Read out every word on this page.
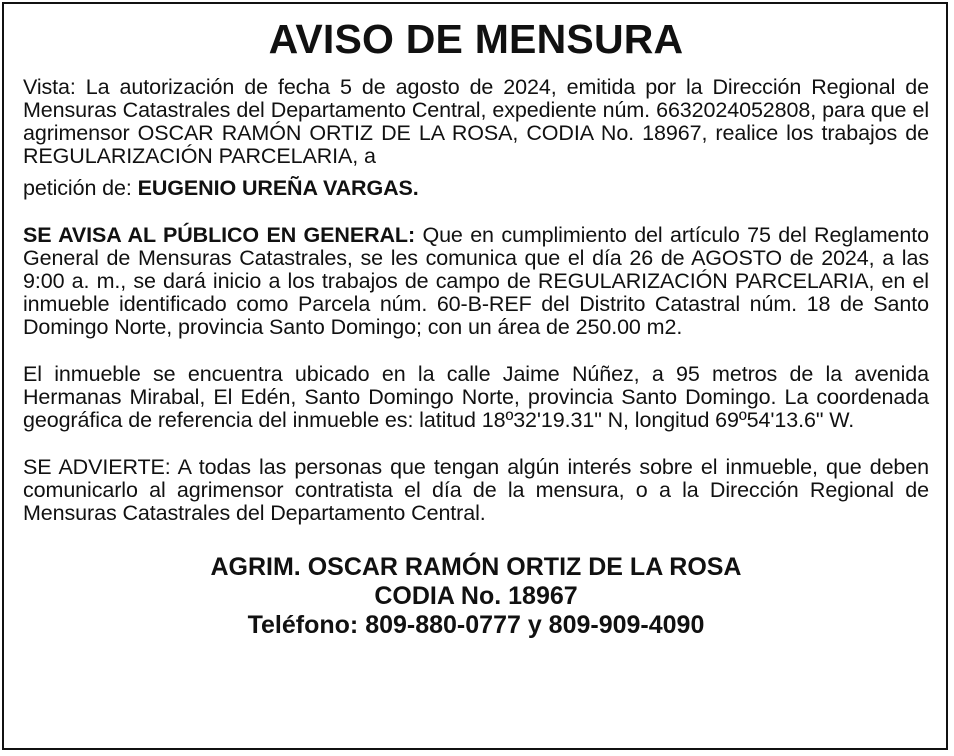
AVISO DE MENSURA

Vista: La autorización de fecha 5 de agosto de 2024, emitida por la Dirección Regional de Mensuras Catastrales del Departamento Central, expediente núm. 6632024052808, para que el agrimensor OSCAR RAMÓN ORTIZ DE LA ROSA, CODIA No. 18967, realice los trabajos de REGULARIZACIÓN PARCELARIA, a

petición de: EUGENIO UREÑA VARGAS.

SE AVISA AL PÚBLICO EN GENERAL: Que en cumplimiento del artículo 75 del Reglamento General de Mensuras Catastrales, se les comunica que el día 26 de AGOSTO de 2024, a las 9:00 a. m., se dará inicio a los trabajos de campo de REGULARIZACIÓN PARCELARIA, en el inmueble identificado como Parcela núm. 60-B-REF del Distrito Catastral núm. 18 de Santo Domingo Norte, provincia Santo Domingo; con un área de 250.00 m2.

El inmueble se encuentra ubicado en la calle Jaime Núñez, a 95 metros de la avenida Hermanas Mirabal, El Edén, Santo Domingo Norte, provincia Santo Domingo. La coordenada geográfica de referencia del inmueble es: latitud 18º32'19.31" N, longitud 69º54'13.6" W.

SE ADVIERTE: A todas las personas que tengan algún interés sobre el inmueble, que deben comunicarlo al agrimensor contratista el día de la mensura, o a la Dirección Regional de Mensuras Catastrales del Departamento Central.

AGRIM. OSCAR RAMÓN ORTIZ DE LA ROSA
CODIA No. 18967
Teléfono: 809-880-0777 y 809-909-4090
